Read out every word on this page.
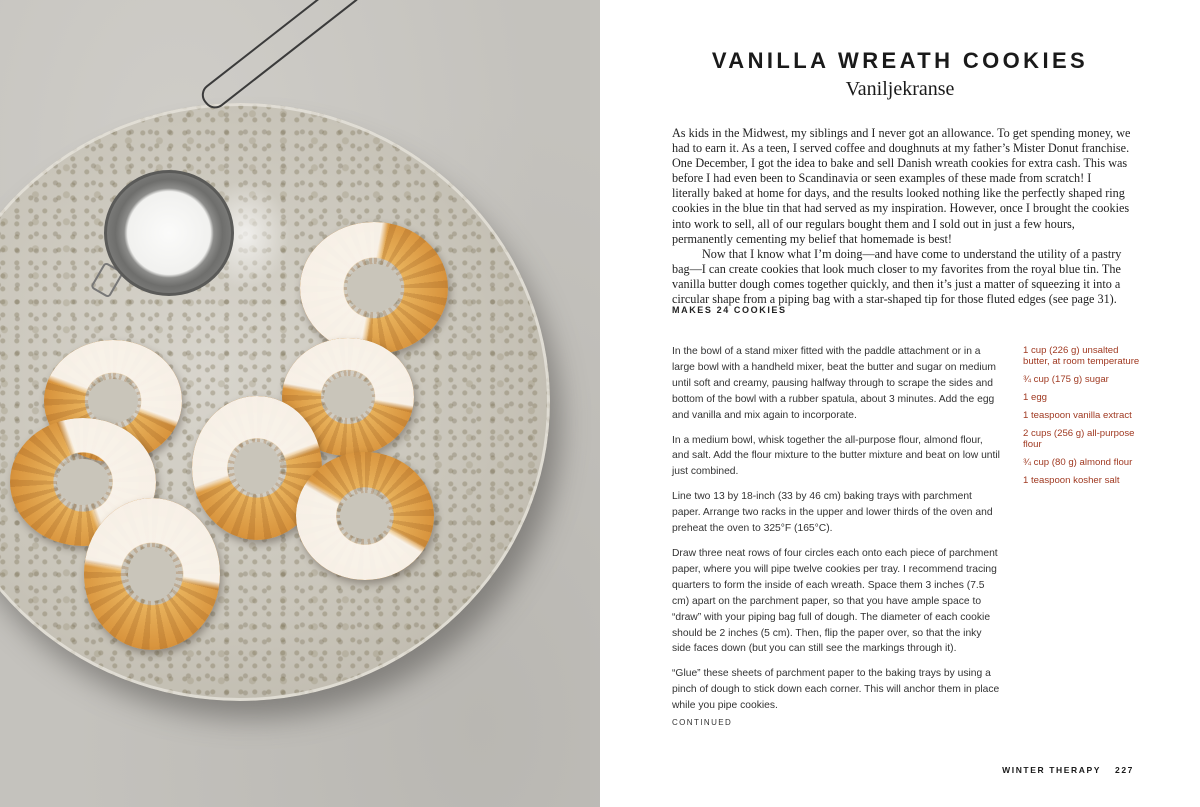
VANILLA WREATH COOKIES
Vaniljekranse

As kids in the Midwest, my siblings and I never got an allowance. To get spending money, we had to earn it. As a teen, I served coffee and doughnuts at my father’s Mister Donut franchise. One December, I got the idea to bake and sell Danish wreath cookies for extra cash. This was before I had even been to Scandinavia or seen examples of these made from scratch! I literally baked at home for days, and the results looked nothing like the perfectly shaped ring cookies in the blue tin that had served as my inspiration. However, once I brought the cookies into work to sell, all of our regulars bought them and I sold out in just a few hours, permanently cementing my belief that homemade is best!

Now that I know what I’m doing—and have come to understand the utility of a pastry bag—I can create cookies that look much closer to my favorites from the royal blue tin. The vanilla butter dough comes together quickly, and then it’s just a matter of squeezing it into a circular shape from a piping bag with a star-shaped tip for those fluted edges (see page 31).

MAKES 24 COOKIES

In the bowl of a stand mixer fitted with the paddle attachment or in a large bowl with a handheld mixer, beat the butter and sugar on medium until soft and creamy, pausing halfway through to scrape the sides and bottom of the bowl with a rubber spatula, about 3 minutes. Add the egg and vanilla and mix again to incorporate.

In a medium bowl, whisk together the all-purpose flour, almond flour, and salt. Add the flour mixture to the butter mixture and beat on low until just combined.

Line two 13 by 18-inch (33 by 46 cm) baking trays with parchment paper. Arrange two racks in the upper and lower thirds of the oven and preheat the oven to 325°F (165°C).

Draw three neat rows of four circles each onto each piece of parchment paper, where you will pipe twelve cookies per tray. I recommend tracing quarters to form the inside of each wreath. Space them 3 inches (7.5 cm) apart on the parchment paper, so that you have ample space to “draw” with your piping bag full of dough. The diameter of each cookie should be 2 inches (5 cm). Then, flip the paper over, so that the inky side faces down (but you can still see the markings through it).

“Glue” these sheets of parchment paper to the baking trays by using a pinch of dough to stick down each corner. This will anchor them in place while you pipe cookies.

1 cup (226 g) unsalted butter, at room temperature
¾ cup (175 g) sugar
1 egg
1 teaspoon vanilla extract
2 cups (256 g) all-purpose flour
¾ cup (80 g) almond flour
1 teaspoon kosher salt
CONTINUED
WINTER THERAPY 227
